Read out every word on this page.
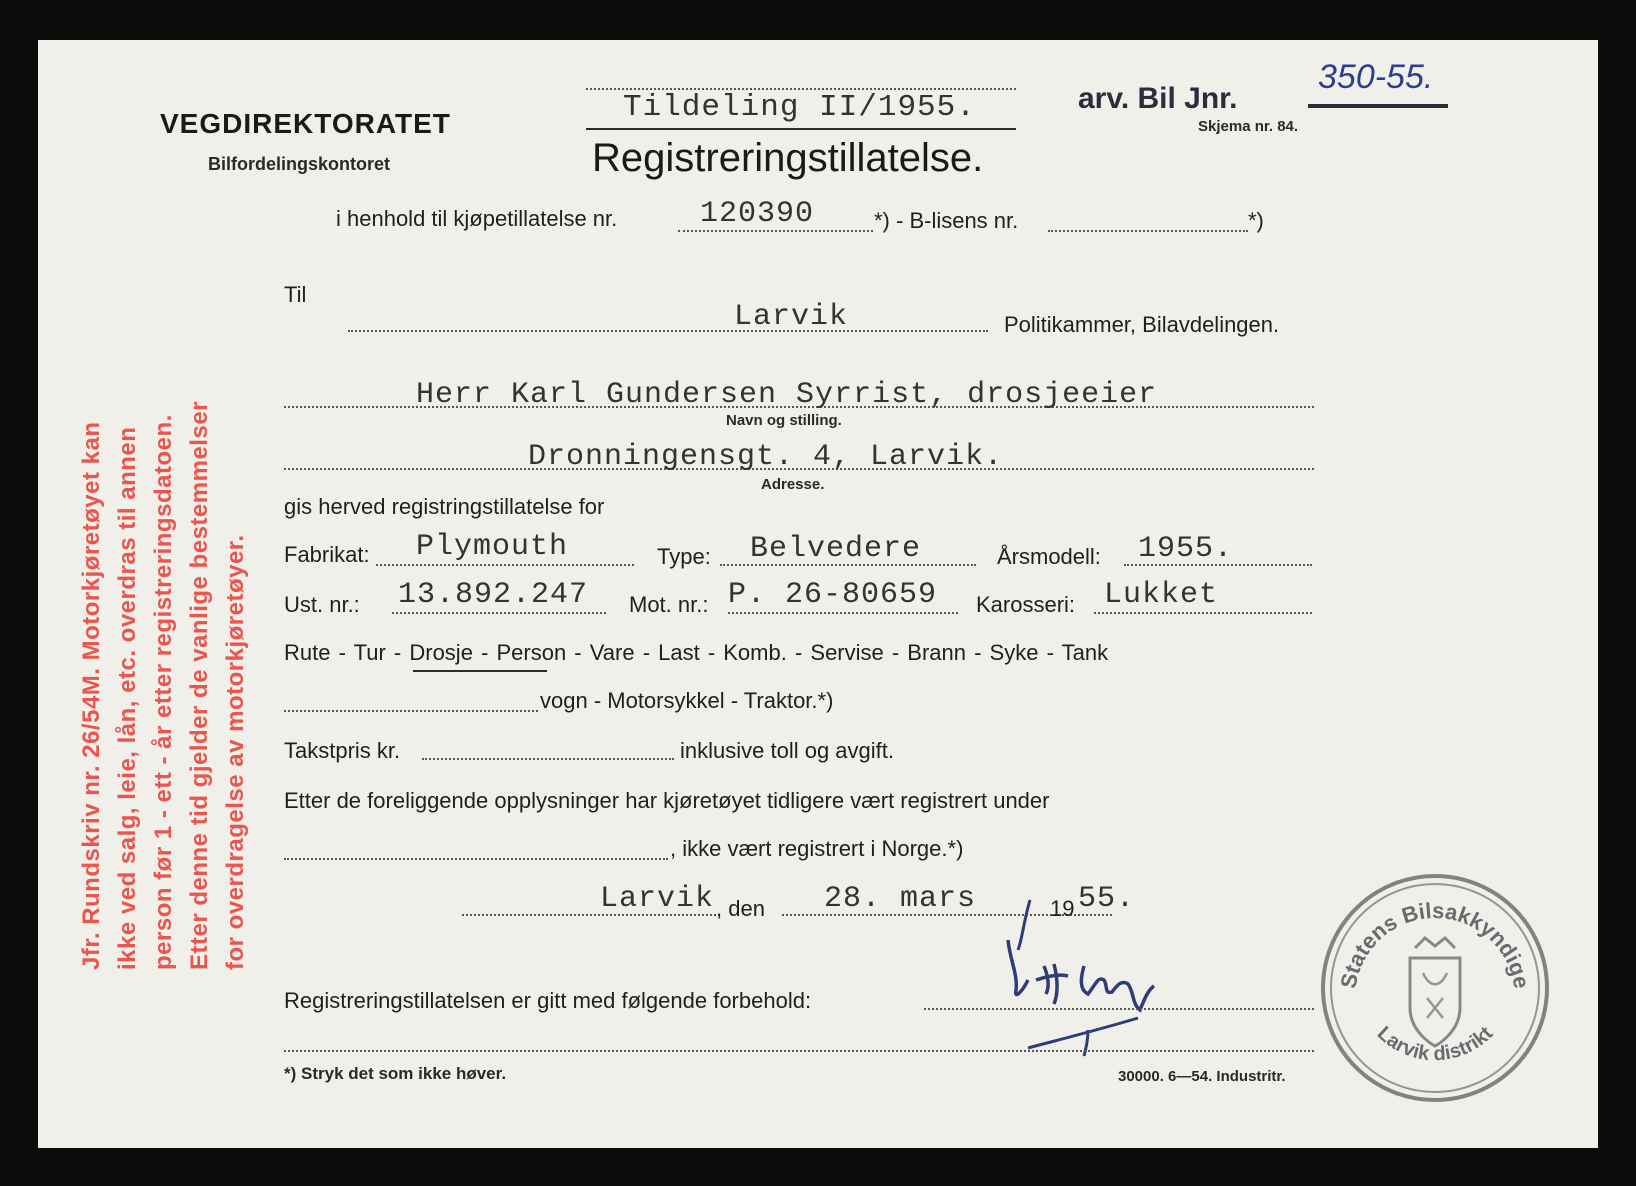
VEGDIREKTORATET
Bilfordelingskontoret
Tildeling II/1955.
Registreringstillatelse.
arv. Bil Jnr.
350-55.
Skjema nr. 84.
i henhold til kjøpetillatelse nr.	120390	*) - B-lisens nr.	*)
Til
Larvik	Politikammer, Bilavdelingen.
Herr Karl Gundersen Syrrist, drosjeeier
Navn og stilling.
Dronningensgt. 4, Larvik.
Adresse.
gis herved registringstillatelse for
Fabrikat: Plymouth	Type: Belvedere	Årsmodell: 1955.
Ust. nr.: 13.892.247 Mot. nr.: P. 26-80659 Karosseri: Lukket
Rute - Tur - Drosje - Person - Vare - Last - Komb. - Servise - Brann - Syke - Tank
vogn - Motorsykkel - Traktor.*)
Takstpris kr.	inklusive toll og avgift.
Etter de foreliggende opplysninger har kjøretøyet tidligere vært registrert under
, ikke vært registrert i Norge.*)
Larvik , den 28. mars	19 55.
Registreringstillatelsen er gitt med følgende forbehold:
*) Stryk det som ikke høver.	30000. 6—54. Industritr.
Jfr. Rundskriv nr. 26/54M. Motorkjøretøyet kan ikke ved salg, leie, lån, etc. overdras til annen person før 1 - ett - år etter registreringsdatoen. Etter denne tid gjelder de vanlige bestemmelser for overdragelse av motorkjøretøyer.
Statens Bilsakkyndige
Larvik distrikt
